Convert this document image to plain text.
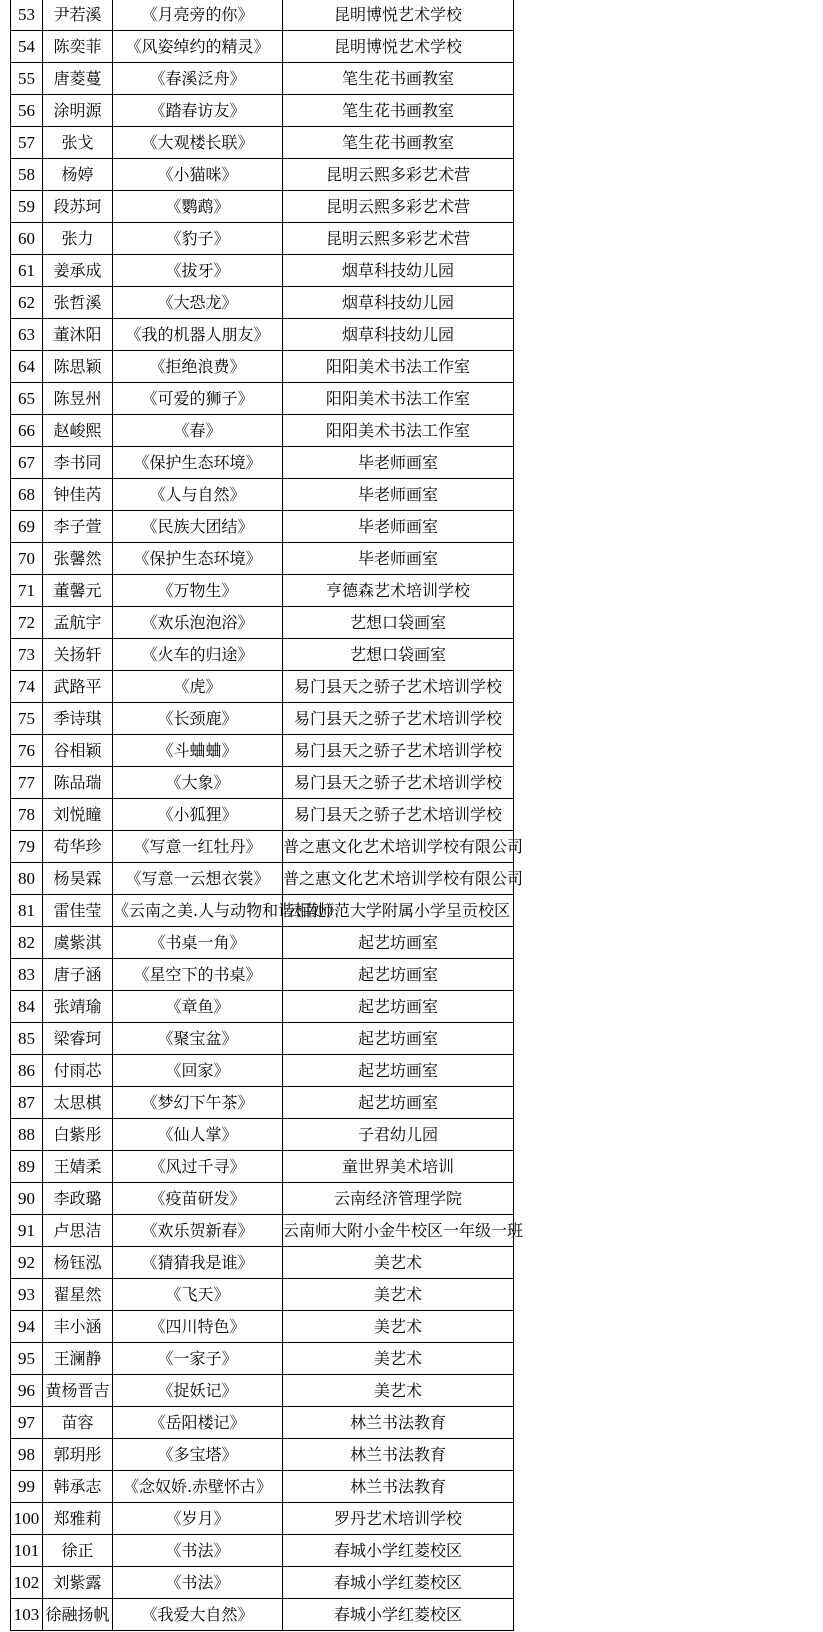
53	尹若溪	《月亮旁的你》	昆明博悦艺术学校
54	陈奕菲	《风姿绰约的精灵》	昆明博悦艺术学校
55	唐菱蔓	《春溪泛舟》	笔生花书画教室
56	涂明源	《踏春访友》	笔生花书画教室
57	张戈	《大观楼长联》	笔生花书画教室
58	杨婷	《小猫咪》	昆明云熙多彩艺术营
59	段苏珂	《鹦鹉》	昆明云熙多彩艺术营
60	张力	《豹子》	昆明云熙多彩艺术营
61	姜承成	《拔牙》	烟草科技幼儿园
62	张哲溪	《大恐龙》	烟草科技幼儿园
63	董沐阳	《我的机器人朋友》	烟草科技幼儿园
64	陈思颖	《拒绝浪费》	阳阳美术书法工作室
65	陈昱州	《可爱的狮子》	阳阳美术书法工作室
66	赵峻熙	《春》	阳阳美术书法工作室
67	李书同	《保护生态环境》	毕老师画室
68	钟佳芮	《人与自然》	毕老师画室
69	李子萱	《民族大团结》	毕老师画室
70	张馨然	《保护生态环境》	毕老师画室
71	董馨元	《万物生》	亨德森艺术培训学校
72	孟航宇	《欢乐泡泡浴》	艺想口袋画室
73	关扬轩	《火车的归途》	艺想口袋画室
74	武路平	《虎》	易门县天之骄子艺术培训学校
75	季诗琪	《长颈鹿》	易门县天之骄子艺术培训学校
76	谷相颖	《斗蛐蛐》	易门县天之骄子艺术培训学校
77	陈品瑞	《大象》	易门县天之骄子艺术培训学校
78	刘悦瞳	《小狐狸》	易门县天之骄子艺术培训学校
79	苟华珍	《写意一红牡丹》	普之惠文化艺术培训学校有限公司
80	杨昊霖	《写意一云想衣裳》	普之惠文化艺术培训学校有限公司
81	雷佳莹	《云南之美.人与动物和谐相处》	云南师范大学附属小学呈贡校区
82	虞紫淇	《书桌一角》	起艺坊画室
83	唐子涵	《星空下的书桌》	起艺坊画室
84	张靖瑜	《章鱼》	起艺坊画室
85	梁睿珂	《聚宝盆》	起艺坊画室
86	付雨芯	《回家》	起艺坊画室
87	太思棋	《梦幻下午茶》	起艺坊画室
88	白紫彤	《仙人掌》	子君幼儿园
89	王婧柔	《风过千寻》	童世界美术培训
90	李政璐	《疫苗研发》	云南经济管理学院
91	卢思洁	《欢乐贺新春》	云南师大附小金牛校区一年级一班
92	杨钰泓	《猜猜我是谁》	美艺术
93	翟星然	《飞天》	美艺术
94	丰小涵	《四川特色》	美艺术
95	王澜静	《一家子》	美艺术
96	黄杨晋吉	《捉妖记》	美艺术
97	苗容	《岳阳楼记》	林兰书法教育
98	郭玥彤	《多宝塔》	林兰书法教育
99	韩承志	《念奴娇.赤壁怀古》	林兰书法教育
100	郑雅莉	《岁月》	罗丹艺术培训学校
101	徐正	《书法》	春城小学红菱校区
102	刘紫露	《书法》	春城小学红菱校区
103	徐融扬帆	《我爱大自然》	春城小学红菱校区
